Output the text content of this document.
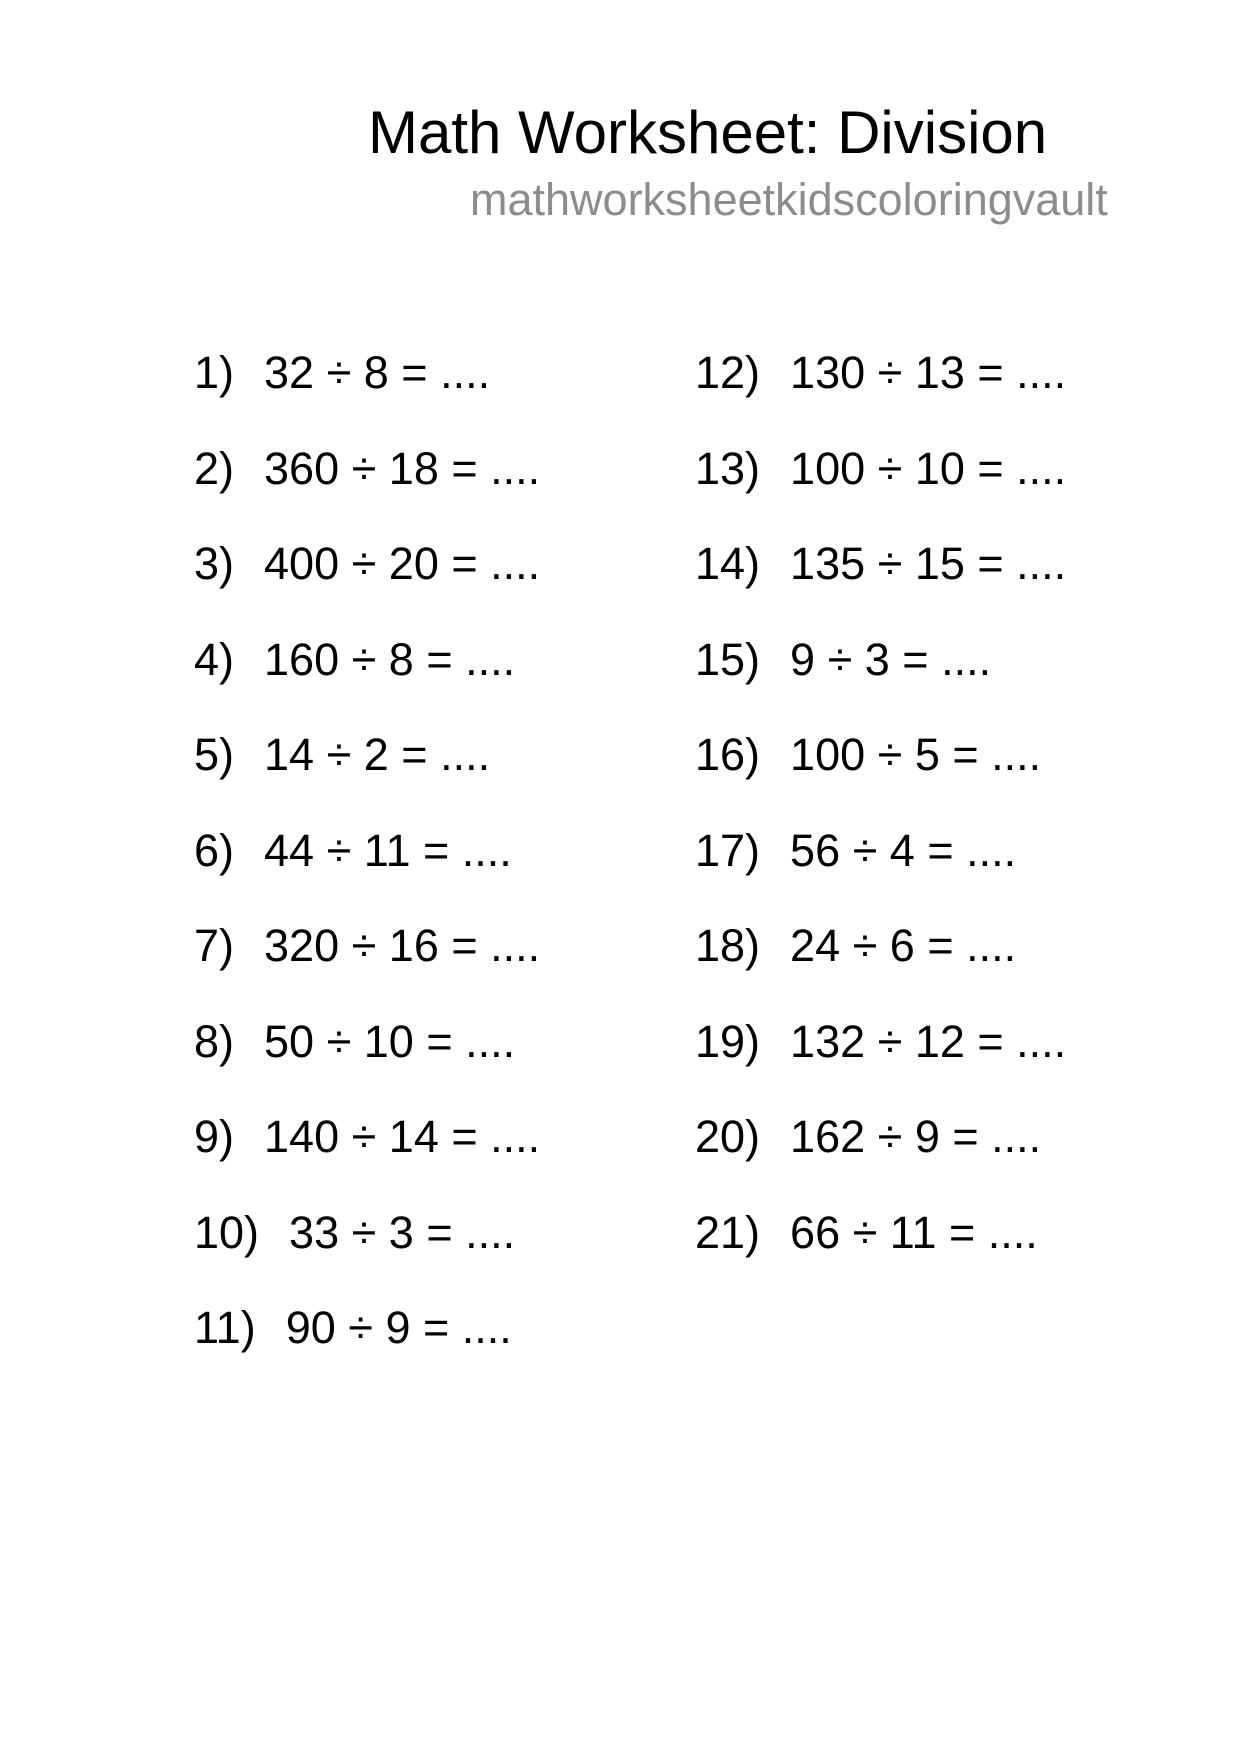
Math Worksheet: Division
mathworksheetkidscoloringvault
1) 32 ÷ 8 = ....
2) 360 ÷ 18 = ....
3) 400 ÷ 20 = ....
4) 160 ÷ 8 = ....
5) 14 ÷ 2 = ....
6) 44 ÷ 11 = ....
7) 320 ÷ 16 = ....
8) 50 ÷ 10 = ....
9) 140 ÷ 14 = ....
10) 33 ÷ 3 = ....
11) 90 ÷ 9 = ....
12) 130 ÷ 13 = ....
13) 100 ÷ 10 = ....
14) 135 ÷ 15 = ....
15) 9 ÷ 3 = ....
16) 100 ÷ 5 = ....
17) 56 ÷ 4 = ....
18) 24 ÷ 6 = ....
19) 132 ÷ 12 = ....
20) 162 ÷ 9 = ....
21) 66 ÷ 11 = ....
